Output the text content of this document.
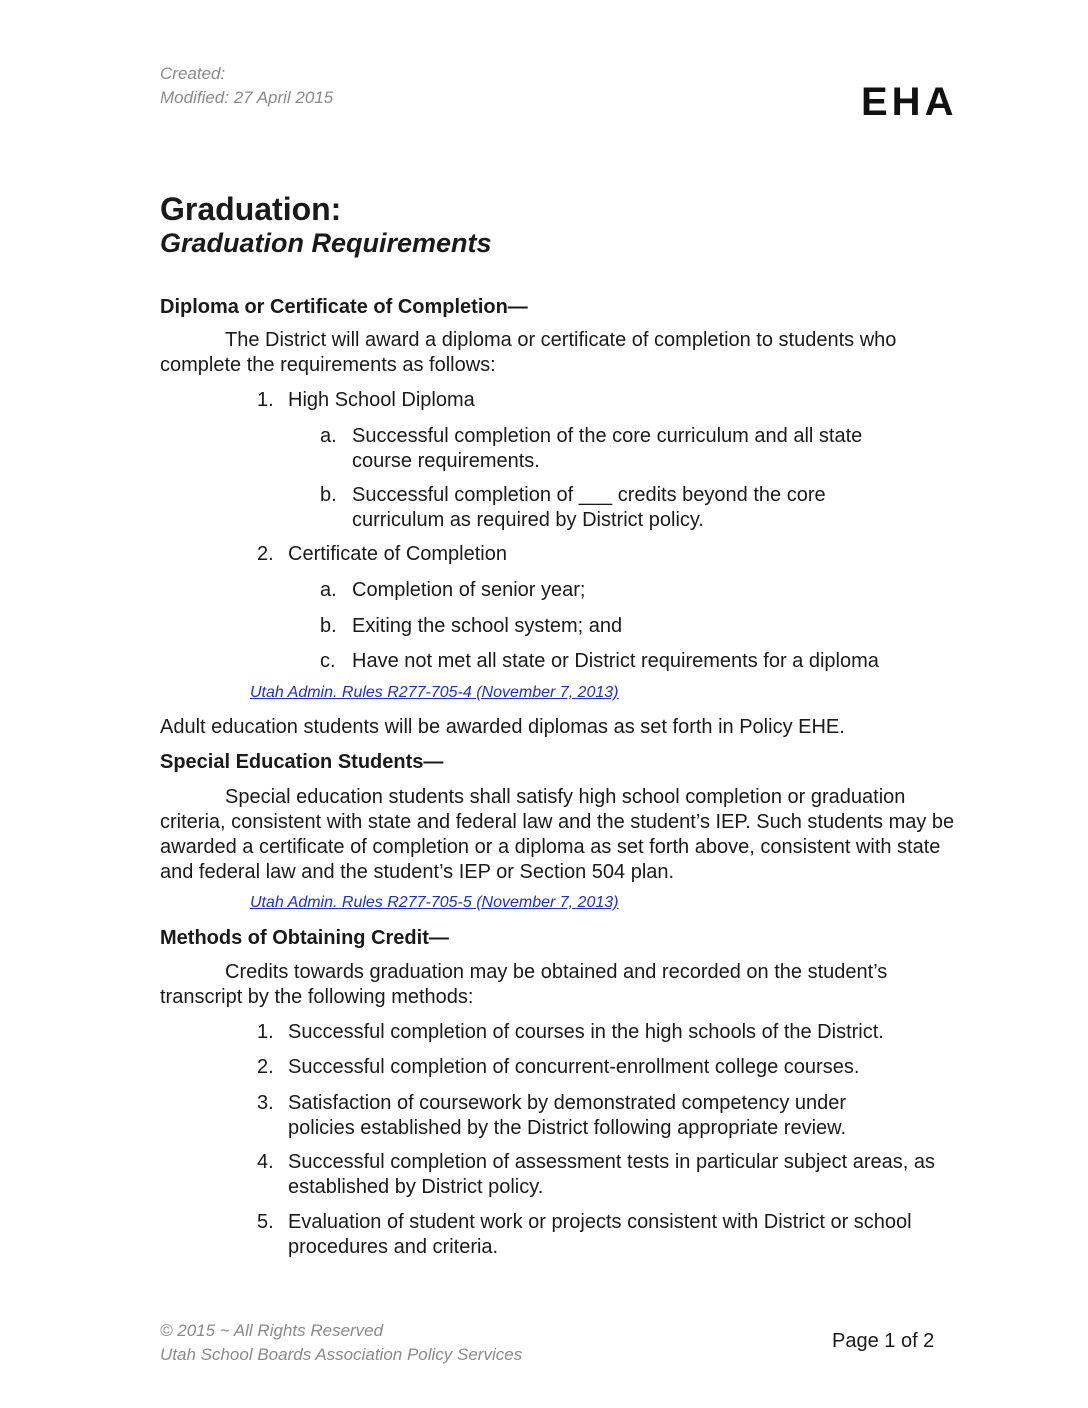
Created:
Modified: 27 April 2015	EHA
Graduation:
Graduation Requirements
Diploma or Certificate of Completion—
The District will award a diploma or certificate of completion to students who complete the requirements as follows:
1. High School Diploma
a. Successful completion of the core curriculum and all state course requirements.
b. Successful completion of ___ credits beyond the core curriculum as required by District policy.
2. Certificate of Completion
a. Completion of senior year;
b. Exiting the school system; and
c. Have not met all state or District requirements for a diploma
Utah Admin. Rules R277-705-4 (November 7, 2013)
Adult education students will be awarded diplomas as set forth in Policy EHE.
Special Education Students—
Special education students shall satisfy high school completion or graduation criteria, consistent with state and federal law and the student’s IEP. Such students may be awarded a certificate of completion or a diploma as set forth above, consistent with state and federal law and the student’s IEP or Section 504 plan.
Utah Admin. Rules R277-705-5 (November 7, 2013)
Methods of Obtaining Credit—
Credits towards graduation may be obtained and recorded on the student’s transcript by the following methods:
1. Successful completion of courses in the high schools of the District.
2. Successful completion of concurrent-enrollment college courses.
3. Satisfaction of coursework by demonstrated competency under policies established by the District following appropriate review.
4. Successful completion of assessment tests in particular subject areas, as established by District policy.
5. Evaluation of student work or projects consistent with District or school procedures and criteria.
© 2015 ~ All Rights Reserved
Utah School Boards Association Policy Services
Page 1 of 2
